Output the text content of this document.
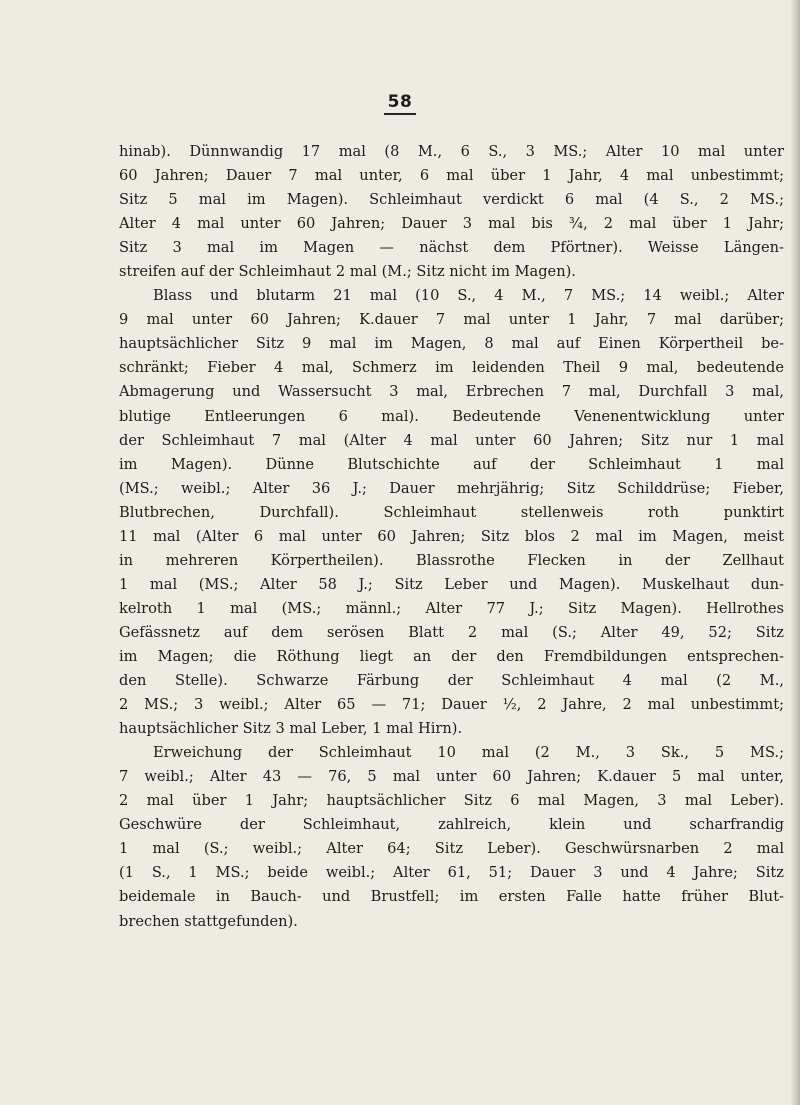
58
hinab). Dünnwandig 17 mal (8 M., 6 S., 3 MS.; Alter 10 mal unter
60 Jahren; Dauer 7 mal unter, 6 mal über 1 Jahr, 4 mal unbestimmt;
Sitz 5 mal im Magen). Schleimhaut verdickt 6 mal (4 S., 2 MS.;
Alter 4 mal unter 60 Jahren; Dauer 3 mal bis ¾, 2 mal über 1 Jahr;
Sitz 3 mal im Magen — nächst dem Pförtner). Weisse Längen-
streifen auf der Schleimhaut 2 mal (M.; Sitz nicht im Magen).
Blass und blutarm 21 mal (10 S., 4 M., 7 MS.; 14 weibl.; Alter
9 mal unter 60 Jahren; K.dauer 7 mal unter 1 Jahr, 7 mal darüber;
hauptsächlicher Sitz 9 mal im Magen, 8 mal auf Einen Körpertheil be-
schränkt; Fieber 4 mal, Schmerz im leidenden Theil 9 mal, bedeutende
Abmagerung und Wassersucht 3 mal, Erbrechen 7 mal, Durchfall 3 mal,
blutige Entleerungen 6 mal). Bedeutende Venenentwicklung unter
der Schleimhaut 7 mal (Alter 4 mal unter 60 Jahren; Sitz nur 1 mal
im Magen). Dünne Blutschichte auf der Schleimhaut 1 mal
(MS.; weibl.; Alter 36 J.; Dauer mehrjährig; Sitz Schilddrüse; Fieber,
Blutbrechen, Durchfall). Schleimhaut stellenweis roth punktirt
11 mal (Alter 6 mal unter 60 Jahren; Sitz blos 2 mal im Magen, meist
in mehreren Körpertheilen). Blassrothe Flecken in der Zellhaut
1 mal (MS.; Alter 58 J.; Sitz Leber und Magen). Muskelhaut dun-
kelroth 1 mal (MS.; männl.; Alter 77 J.; Sitz Magen). Hellrothes
Gefässnetz auf dem serösen Blatt 2 mal (S.; Alter 49, 52; Sitz
im Magen; die Röthung liegt an der den Fremdbildungen entsprechen-
den Stelle). Schwarze Färbung der Schleimhaut 4 mal (2 M.,
2 MS.; 3 weibl.; Alter 65 — 71; Dauer ½, 2 Jahre, 2 mal unbestimmt;
hauptsächlicher Sitz 3 mal Leber, 1 mal Hirn).
Erweichung der Schleimhaut 10 mal (2 M., 3 Sk., 5 MS.;
7 weibl.; Alter 43 — 76, 5 mal unter 60 Jahren; K.dauer 5 mal unter,
2 mal über 1 Jahr; hauptsächlicher Sitz 6 mal Magen, 3 mal Leber).
Geschwüre der Schleimhaut, zahlreich, klein und scharfrandig
1 mal (S.; weibl.; Alter 64; Sitz Leber). Geschwürsnarben 2 mal
(1 S., 1 MS.; beide weibl.; Alter 61, 51; Dauer 3 und 4 Jahre; Sitz
beidemale in Bauch- und Brustfell; im ersten Falle hatte früher Blut-
brechen stattgefunden).
